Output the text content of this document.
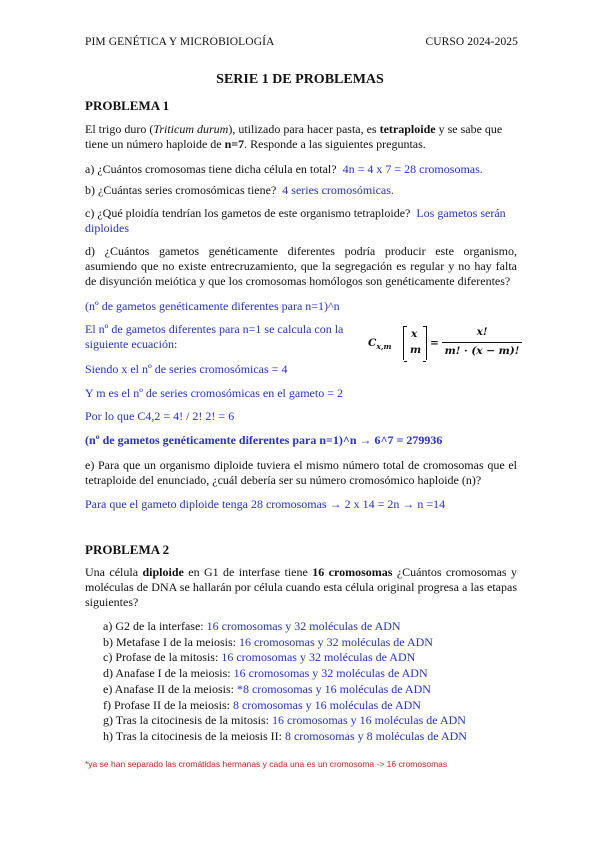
PIM GENÉTICA Y MICROBIOLOGÍA	CURSO 2024-2025
SERIE 1 DE PROBLEMAS
PROBLEMA 1

El trigo duro (Triticum durum), utilizado para hacer pasta, es tetraploide y se sabe que tiene un número haploide de n=7. Responde a las siguientes preguntas.

a) ¿Cuántos cromosomas tiene dicha célula en total? 4n = 4 x 7 = 28 cromosomas.

b) ¿Cuántas series cromosómicas tiene? 4 series cromosómicas.

c) ¿Qué ploidía tendrían los gametos de este organismo tetraploide? Los gametos serán diploides

d) ¿Cuántos gametos genéticamente diferentes podría producir este organismo, asumiendo que no existe entrecruzamiento, que la segregación es regular y no hay falta de disyunción meiótica y que los cromosomas homólogos son genéticamente diferentes?

(nº de gametos genéticamente diferentes para n=1)^n

El nº de gametos diferentes para n=1 se calcula con la siguiente ecuación:	$C_{x,m}$
x
m
= $\frac{x!}{m! \cdot (x - m)!}$

Siendo x el nº de series cromosómicas = 4

Y m es el nº de series cromosómicas en el gameto = 2

Por lo que C4,2 = 4! / 2! 2! = 6

(nº de gametos genéticamente diferentes para n=1)^n → 6^7 = 279936

e) Para que un organismo diploide tuviera el mismo número total de cromosomas que el tetraploide del enunciado, ¿cuál debería ser su número cromosómico haploide (n)?

Para que el gameto diploide tenga 28 cromosomas → 2 x 14 = 2n → n =14

PROBLEMA 2

Una célula diploide en G1 de interfase tiene 16 cromosomas ¿Cuántos cromosomas y moléculas de DNA se hallarán por célula cuando esta célula original progresa a las etapas siguientes?

a) G2 de la interfase: 16 cromosomas y 32 moléculas de ADN
b) Metafase I de la meiosis: 16 cromosomas y 32 moléculas de ADN
c) Profase de la mitosis: 16 cromosomas y 32 moléculas de ADN
d) Anafase I de la meiosis: 16 cromosomas y 32 moléculas de ADN
e) Anafase II de la meiosis: *8 cromosomas y 16 moléculas de ADN
f) Profase II de la meiosis: 8 cromosomas y 16 moléculas de ADN
g) Tras la citocinesis de la mitosis: 16 cromosomas y 16 moléculas de ADN
h) Tras la citocinesis de la meiosis II: 8 cromosomas y 8 moléculas de ADN
*ya se han separado las cromátidas hermanas y cada una es un cromosoma -> 16 cromosomas
